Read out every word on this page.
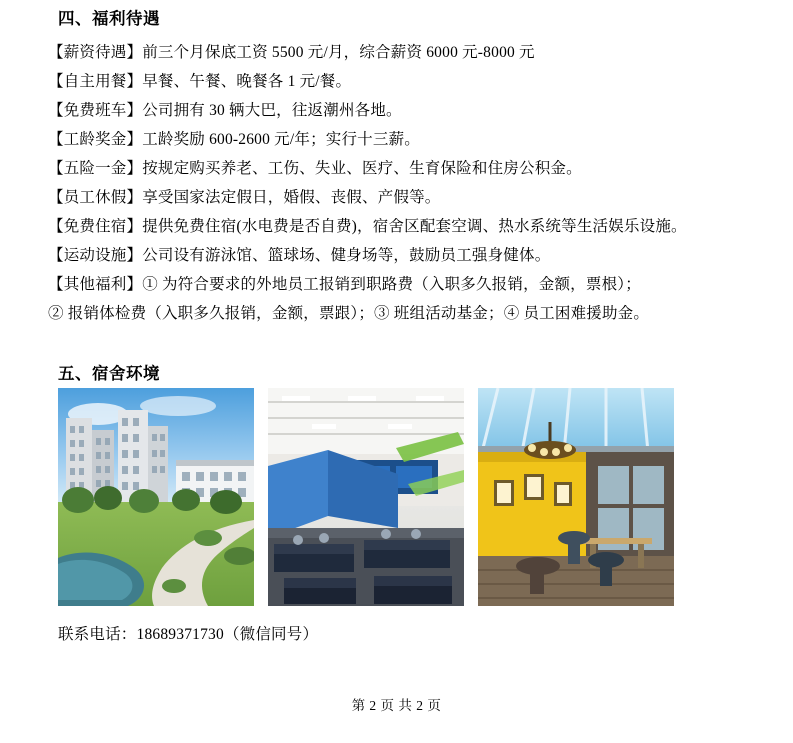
四、福利待遇
【薪资待遇】前三个月保底工资 5500 元/月，综合薪资 6000 元-8000 元
【自主用餐】早餐、午餐、晚餐各 1 元/餐。
【免费班车】公司拥有 30 辆大巴，往返潮州各地。
【工龄奖金】工龄奖励 600-2600 元/年；实行十三薪。
【五险一金】按规定购买养老、工伤、失业、医疗、生育保险和住房公积金。
【员工休假】享受国家法定假日，婚假、丧假、产假等。
【免费住宿】提供免费住宿(水电费是否自费)，宿舍区配套空调、热水系统等生活娱乐设施。
【运动设施】公司设有游泳馆、篮球场、健身场等，鼓励员工强身健体。
【其他福利】① 为符合要求的外地员工报销到职路费（入职多久报销，金额，票根）；
② 报销体检费（入职多久报销，金额，票跟）；③ 班组活动基金；④ 员工困难援助金。
五、宿舍环境
联系电话：18689371730（微信同号）
第 2 页 共 2 页
